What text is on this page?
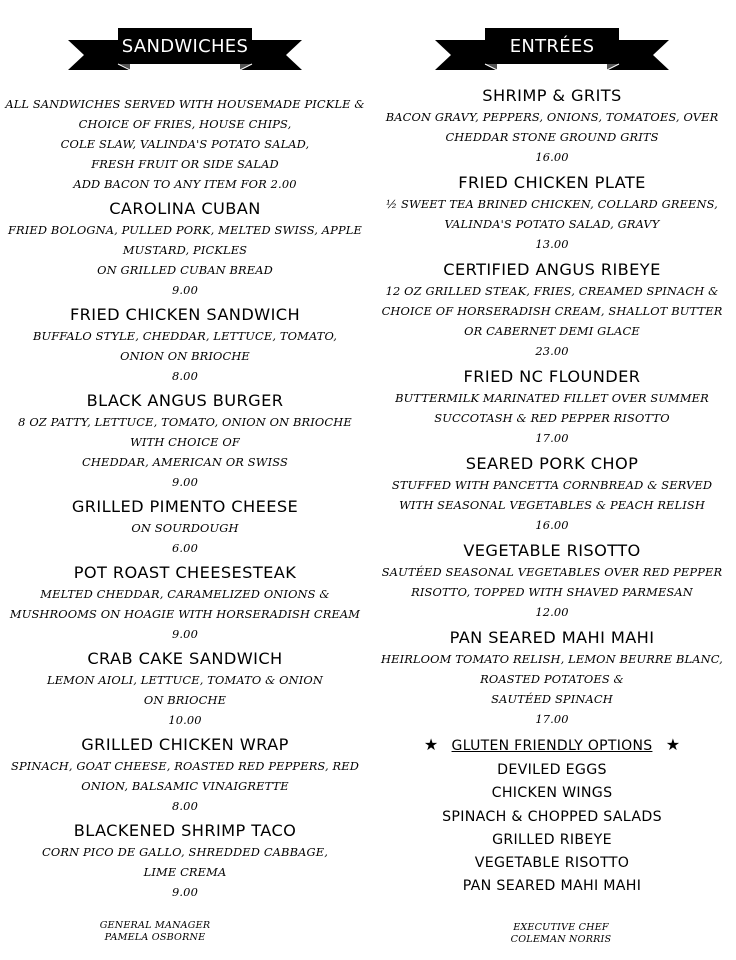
SANDWICHES
ALL SANDWICHES SERVED WITH HOUSEMADE PICKLE &
CHOICE OF FRIES, HOUSE CHIPS,
COLE SLAW, VALINDA'S POTATO SALAD,
FRESH FRUIT OR SIDE SALAD
ADD BACON TO ANY ITEM FOR 2.00
CAROLINA CUBAN
FRIED BOLOGNA, PULLED PORK, MELTED SWISS, APPLE
MUSTARD, PICKLES
ON GRILLED CUBAN BREAD
9.00
FRIED CHICKEN SANDWICH
BUFFALO STYLE, CHEDDAR, LETTUCE, TOMATO,
ONION ON BRIOCHE
8.00
BLACK ANGUS BURGER
8 OZ PATTY, LETTUCE, TOMATO, ONION ON BRIOCHE
WITH CHOICE OF
CHEDDAR, AMERICAN OR SWISS
9.00
GRILLED PIMENTO CHEESE
ON SOURDOUGH
6.00
POT ROAST CHEESESTEAK
MELTED CHEDDAR, CARAMELIZED ONIONS &
MUSHROOMS ON HOAGIE WITH HORSERADISH CREAM
9.00
CRAB CAKE SANDWICH
LEMON AIOLI, LETTUCE, TOMATO & ONION
ON BRIOCHE
10.00
GRILLED CHICKEN WRAP
SPINACH, GOAT CHEESE, ROASTED RED PEPPERS, RED
ONION, BALSAMIC VINAIGRETTE
8.00
BLACKENED SHRIMP TACO
CORN PICO DE GALLO, SHREDDED CABBAGE,
LIME CREMA
9.00
ENTRÉES
SHRIMP & GRITS
BACON GRAVY, PEPPERS, ONIONS, TOMATOES, OVER
CHEDDAR STONE GROUND GRITS
16.00
FRIED CHICKEN PLATE
½ SWEET TEA BRINED CHICKEN, COLLARD GREENS,
VALINDA'S POTATO SALAD, GRAVY
13.00
CERTIFIED ANGUS RIBEYE
12 OZ GRILLED STEAK, FRIES, CREAMED SPINACH &
CHOICE OF HORSERADISH CREAM, SHALLOT BUTTER
OR CABERNET DEMI GLACE
23.00
FRIED NC FLOUNDER
BUTTERMILK MARINATED FILLET OVER SUMMER
SUCCOTASH & RED PEPPER RISOTTO
17.00
SEARED PORK CHOP
STUFFED WITH PANCETTA CORNBREAD & SERVED
WITH SEASONAL VEGETABLES & PEACH RELISH
16.00
VEGETABLE RISOTTO
SAUTÉED SEASONAL VEGETABLES OVER RED PEPPER
RISOTTO, TOPPED WITH SHAVED PARMESAN
12.00
PAN SEARED MAHI MAHI
HEIRLOOM TOMATO RELISH, LEMON BEURRE BLANC,
ROASTED POTATOES &
SAUTÉED SPINACH
17.00
★ GLUTEN FRIENDLY OPTIONS ★
DEVILED EGGS
CHICKEN WINGS
SPINACH & CHOPPED SALADS
GRILLED RIBEYE
VEGETABLE RISOTTO
PAN SEARED MAHI MAHI
GENERAL MANAGER
PAMELA OSBORNE
EXECUTIVE CHEF
COLEMAN NORRIS
